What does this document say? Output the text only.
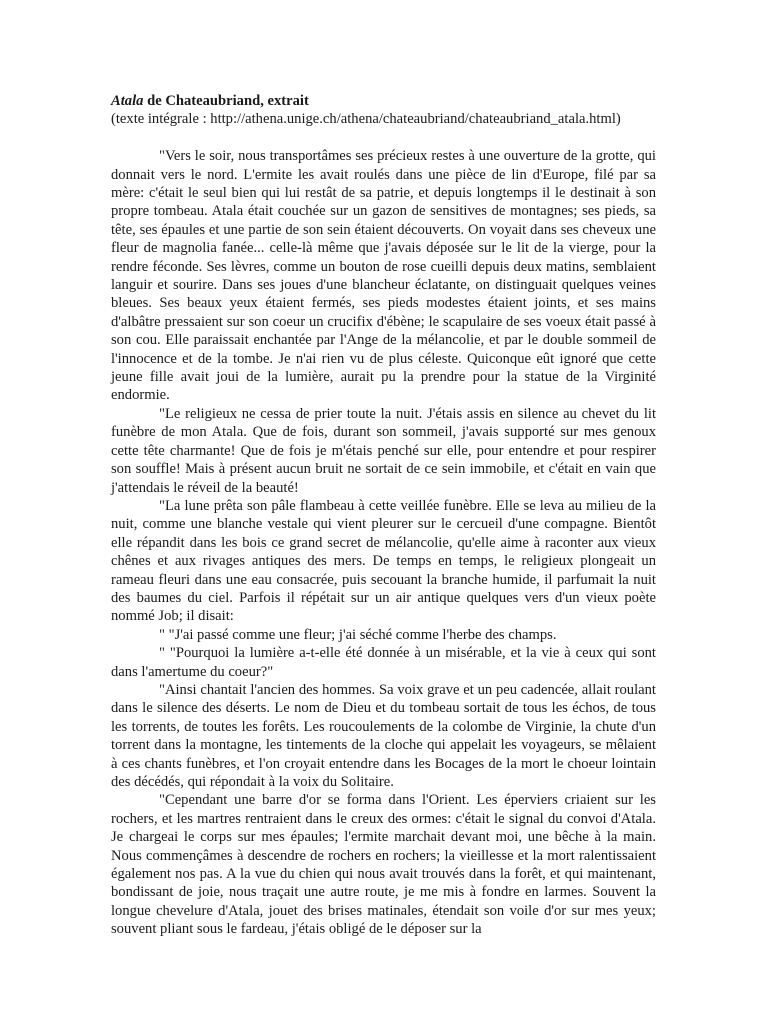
Atala de Chateaubriand, extrait

(texte intégrale : http://athena.unige.ch/athena/chateaubriand/chateaubriand_atala.html)

"Vers le soir, nous transportâmes ses précieux restes à une ouverture de la grotte, qui donnait vers le nord. L'ermite les avait roulés dans une pièce de lin d'Europe, filé par sa mère: c'était le seul bien qui lui restât de sa patrie, et depuis longtemps il le destinait à son propre tombeau. Atala était couchée sur un gazon de sensitives de montagnes; ses pieds, sa tête, ses épaules et une partie de son sein étaient découverts. On voyait dans ses cheveux une fleur de magnolia fanée... celle-là même que j'avais déposée sur le lit de la vierge, pour la rendre féconde. Ses lèvres, comme un bouton de rose cueilli depuis deux matins, semblaient languir et sourire. Dans ses joues d'une blancheur éclatante, on distinguait quelques veines bleues. Ses beaux yeux étaient fermés, ses pieds modestes étaient joints, et ses mains d'albâtre pressaient sur son coeur un crucifix d'ébène; le scapulaire de ses voeux était passé à son cou. Elle paraissait enchantée par l'Ange de la mélancolie, et par le double sommeil de l'innocence et de la tombe. Je n'ai rien vu de plus céleste. Quiconque eût ignoré que cette jeune fille avait joui de la lumière, aurait pu la prendre pour la statue de la Virginité endormie.

"Le religieux ne cessa de prier toute la nuit. J'étais assis en silence au chevet du lit funèbre de mon Atala. Que de fois, durant son sommeil, j'avais supporté sur mes genoux cette tête charmante! Que de fois je m'étais penché sur elle, pour entendre et pour respirer son souffle! Mais à présent aucun bruit ne sortait de ce sein immobile, et c'était en vain que j'attendais le réveil de la beauté!

"La lune prêta son pâle flambeau à cette veillée funèbre. Elle se leva au milieu de la nuit, comme une blanche vestale qui vient pleurer sur le cercueil d'une compagne. Bientôt elle répandit dans les bois ce grand secret de mélancolie, qu'elle aime à raconter aux vieux chênes et aux rivages antiques des mers. De temps en temps, le religieux plongeait un rameau fleuri dans une eau consacrée, puis secouant la branche humide, il parfumait la nuit des baumes du ciel. Parfois il répétait sur un air antique quelques vers d'un vieux poète nommé Job; il disait:

" "J'ai passé comme une fleur; j'ai séché comme l'herbe des champs.

" "Pourquoi la lumière a-t-elle été donnée à un misérable, et la vie à ceux qui sont dans l'amertume du coeur?"

"Ainsi chantait l'ancien des hommes. Sa voix grave et un peu cadencée, allait roulant dans le silence des déserts. Le nom de Dieu et du tombeau sortait de tous les échos, de tous les torrents, de toutes les forêts. Les roucoulements de la colombe de Virginie, la chute d'un torrent dans la montagne, les tintements de la cloche qui appelait les voyageurs, se mêlaient à ces chants funèbres, et l'on croyait entendre dans les Bocages de la mort le choeur lointain des décédés, qui répondait à la voix du Solitaire.

"Cependant une barre d'or se forma dans l'Orient. Les éperviers criaient sur les rochers, et les martres rentraient dans le creux des ormes: c'était le signal du convoi d'Atala. Je chargeai le corps sur mes épaules; l'ermite marchait devant moi, une bêche à la main. Nous commençâmes à descendre de rochers en rochers; la vieillesse et la mort ralentissaient également nos pas. A la vue du chien qui nous avait trouvés dans la forêt, et qui maintenant, bondissant de joie, nous traçait une autre route, je me mis à fondre en larmes. Souvent la longue chevelure d'Atala, jouet des brises matinales, étendait son voile d'or sur mes yeux; souvent pliant sous le fardeau, j'étais obligé de le déposer sur la
